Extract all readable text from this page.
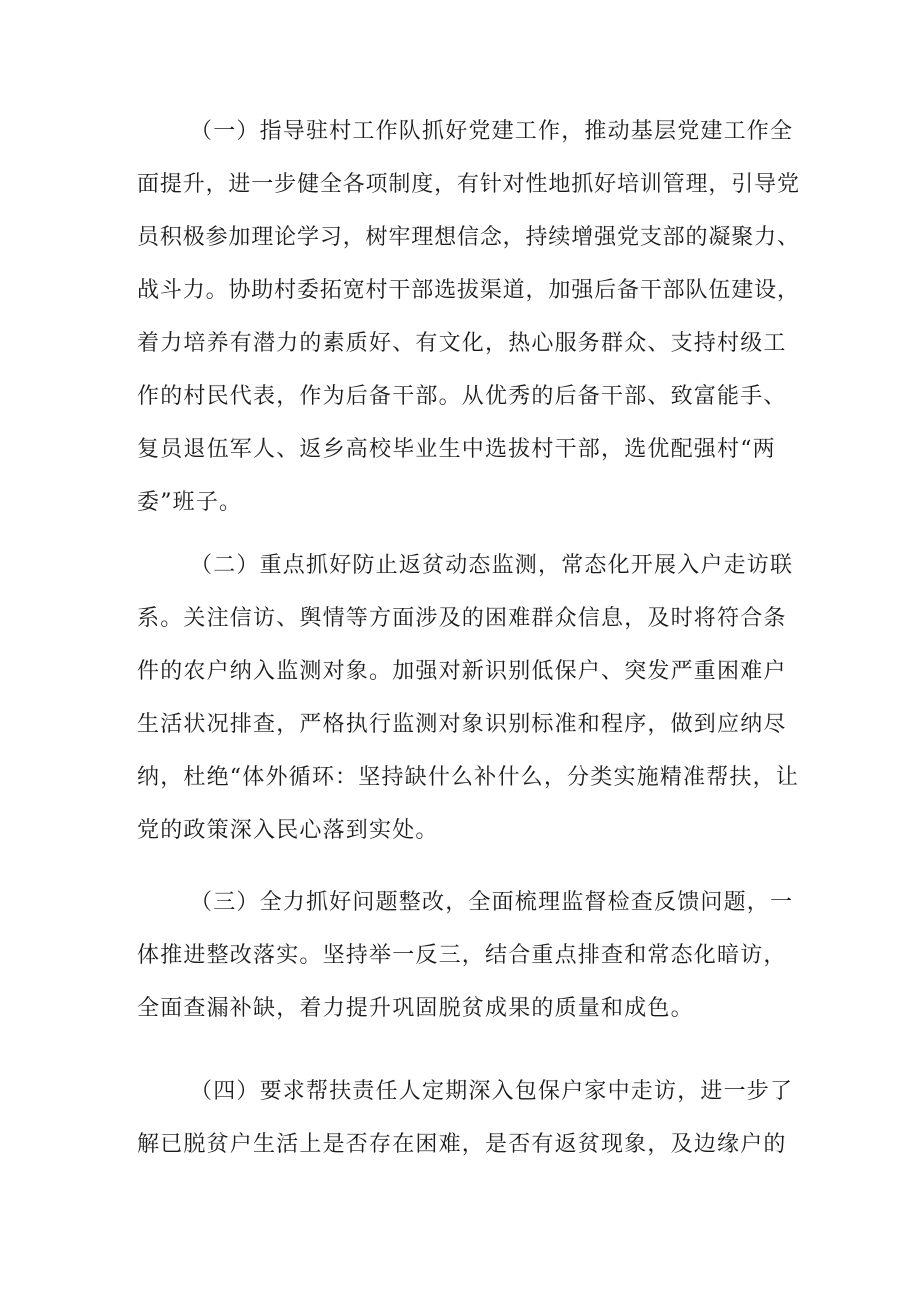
（一）指导驻村工作队抓好党建工作，推动基层党建工作全
面提升，进一步健全各项制度，有针对性地抓好培训管理，引导党
员积极参加理论学习，树牢理想信念，持续增强党支部的凝聚力、
战斗力。协助村委拓宽村干部选拔渠道，加强后备干部队伍建设，
着力培养有潜力的素质好、有文化，热心服务群众、支持村级工
作的村民代表，作为后备干部。从优秀的后备干部、致富能手、
复员退伍军人、返乡高校毕业生中选拔村干部，选优配强村“两
委”班子。
（二）重点抓好防止返贫动态监测，常态化开展入户走访联
系。关注信访、舆情等方面涉及的困难群众信息，及时将符合条
件的农户纳入监测对象。加强对新识别低保户、突发严重困难户
生活状况排查，严格执行监测对象识别标准和程序，做到应纳尽
纳，杜绝“体外循环：坚持缺什么补什么，分类实施精准帮扶，让
党的政策深入民心落到实处。
（三）全力抓好问题整改，全面梳理监督检查反馈问题，一
体推进整改落实。坚持举一反三，结合重点排查和常态化暗访，
全面查漏补缺，着力提升巩固脱贫成果的质量和成色。
（四）要求帮扶责任人定期深入包保户家中走访，进一步了
解已脱贫户生活上是否存在困难，是否有返贫现象，及边缘户的
